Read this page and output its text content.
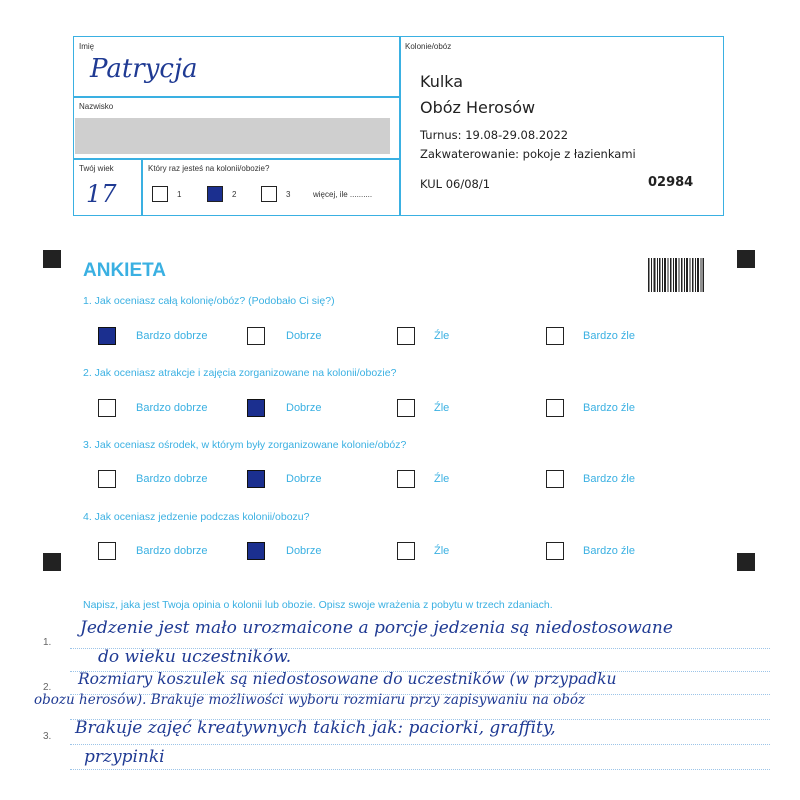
Imię
Patrycja
Nazwisko
Twój wiek
17
Który raz jesteś na kolonii/obozie?
1	2	3	więcej, ile ..........
Kolonie/obóz
Kulka
Obóz Herosów
Turnus: 19.08-29.08.2022
Zakwaterowanie: pokoje z łazienkami
KUL 06/08/1	02984
ANKIETA
1. Jak oceniasz całą kolonię/obóz? (Podobało Ci się?)
Bardzo dobrze	Dobrze	Źle	Bardzo źle
2. Jak oceniasz atrakcje i zajęcia zorganizowane na kolonii/obozie?
Bardzo dobrze	Dobrze	Źle	Bardzo źle
3. Jak oceniasz ośrodek, w którym były zorganizowane kolonie/obóz?
Bardzo dobrze	Dobrze	Źle	Bardzo źle
4. Jak oceniasz jedzenie podczas kolonii/obozu?
Bardzo dobrze	Dobrze	Źle	Bardzo źle
Napisz, jaka jest Twoja opinia o kolonii lub obozie. Opisz swoje wrażenia z pobytu w trzech zdaniach.
1.
2.
3.
Jedzenie jest mało urozmaicone a porcje jedzenia są niedostosowane
do wieku uczestników.
Rozmiary koszulek są niedostosowane do uczestników (w przypadku
obozu herosów). Brakuje możliwości wyboru rozmiaru przy zapisywaniu na obóz
Brakuje zajęć kreatywnych takich jak: paciorki, graffity,
przypinki
